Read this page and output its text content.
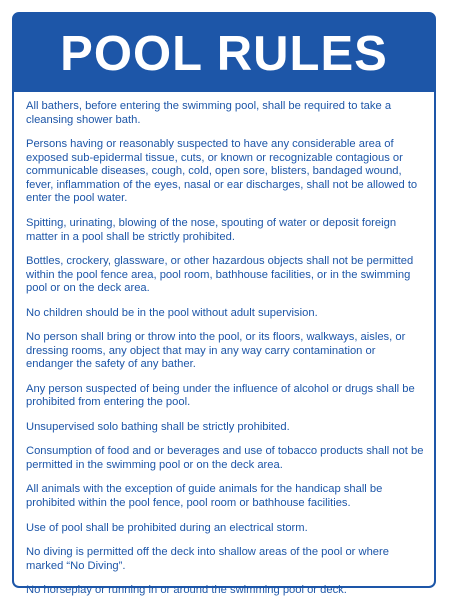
POOL RULES
All bathers, before entering the swimming pool, shall be required to take a cleansing shower bath.
Persons having or reasonably suspected to have any considerable area of exposed sub-epidermal tissue, cuts, or known or recognizable contagious or communicable diseases, cough, cold, open sore, blisters, bandaged wound, fever, inflammation of the eyes, nasal or ear discharges, shall not be allowed to enter the pool water.
Spitting, urinating, blowing of the nose, spouting of water or deposit foreign matter in a pool shall be strictly prohibited.
Bottles, crockery, glassware, or other hazardous objects shall not be permitted within the pool fence area, pool room, bathhouse facilities, or in the swimming pool or on the deck area.
No children should be in the pool without adult supervision.
No person shall bring or throw into the pool, or its floors, walkways, aisles, or dressing rooms, any object that may in any way carry contamination or endanger the safety of any bather.
Any person suspected of being under the influence of alcohol or drugs shall be prohibited from entering the pool.
Unsupervised solo bathing shall be strictly prohibited.
Consumption of food and or beverages and use of tobacco products shall not be permitted in the swimming pool or on the deck area.
All animals with the exception of guide animals for the handicap shall be prohibited within the pool fence, pool room or bathhouse facilities.
Use of pool shall be prohibited during an electrical storm.
No diving is permitted off the deck into shallow areas of the pool or where marked “No Diving”.
No horseplay or running in or around the swimming pool or deck.
